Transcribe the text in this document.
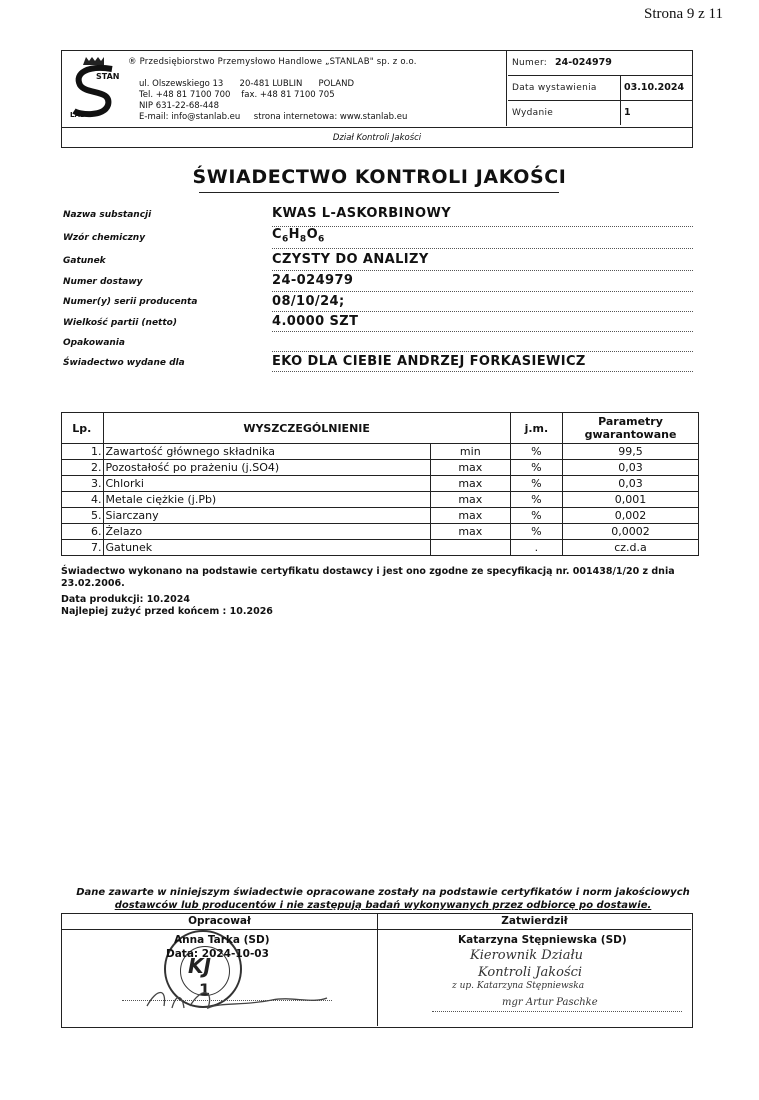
Strona 9 z 11
STAN
LAB
® Przedsiębiorstwo Przemysłowo Handlowe „STANLAB" sp. z o.o.
ul. Olszewskiego 13      20-481 LUBLIN      POLAND
Tel. +48 81 7100 700    fax. +48 81 7100 705
NIP 631-22-68-448
E-mail: info@stanlab.eu     strona internetowa: www.stanlab.eu
Numer: 24-024979
Data wystawienia	03.10.2024
Wydanie	1
Dział Kontroli Jakości
ŚWIADECTWO KONTROLI JAKOŚCI
Nazwa substancji	KWAS L-ASKORBINOWY
Wzór chemiczny	$C_6H_8O_6$
Gatunek	CZYSTY DO ANALIZY
Numer dostawy	24-024979
Numer(y) serii producenta	08/10/24;
Wielkość partii (netto)	4.0000 SZT
Opakowania
Świadectwo wydane dla	EKO DLA CIEBIE ANDRZEJ FORKASIEWICZ
Lp.	WYSZCZEGÓLNIENIE		j.m.	Parametry gwarantowane
1.	Zawartość głównego składnika	min	%	99,5
2.	Pozostałość po prażeniu (j.SO4)	max	%	0,03
3.	Chlorki	max	%	0,03
4.	Metale ciężkie (j.Pb)	max	%	0,001
5.	Siarczany	max	%	0,002
6.	Żelazo	max	%	0,0002
7.	Gatunek		.	cz.d.a
Świadectwo wykonano na podstawie certyfikatu dostawcy i jest ono zgodne ze specyfikacją nr. 001438/1/20 z dnia
23.02.2006.
Data produkcji: 10.2024
Najlepiej zużyć przed końcem : 10.2026
Dane zawarte w niniejszym świadectwie opracowane zostały na podstawie certyfikatów i norm jakościowych
dostawców lub producentów i nie zastępują badań wykonywanych przez odbiorcę po dostawie.
Opracował	Zatwierdził
KJ
1
Anna Tarka (SD)
Data: 2024-10-03
Katarzyna Stępniewska (SD)
Kierownik Działu
Kontroli Jakości
z up. Katarzyna Stępniewska
mgr Artur Paschke
